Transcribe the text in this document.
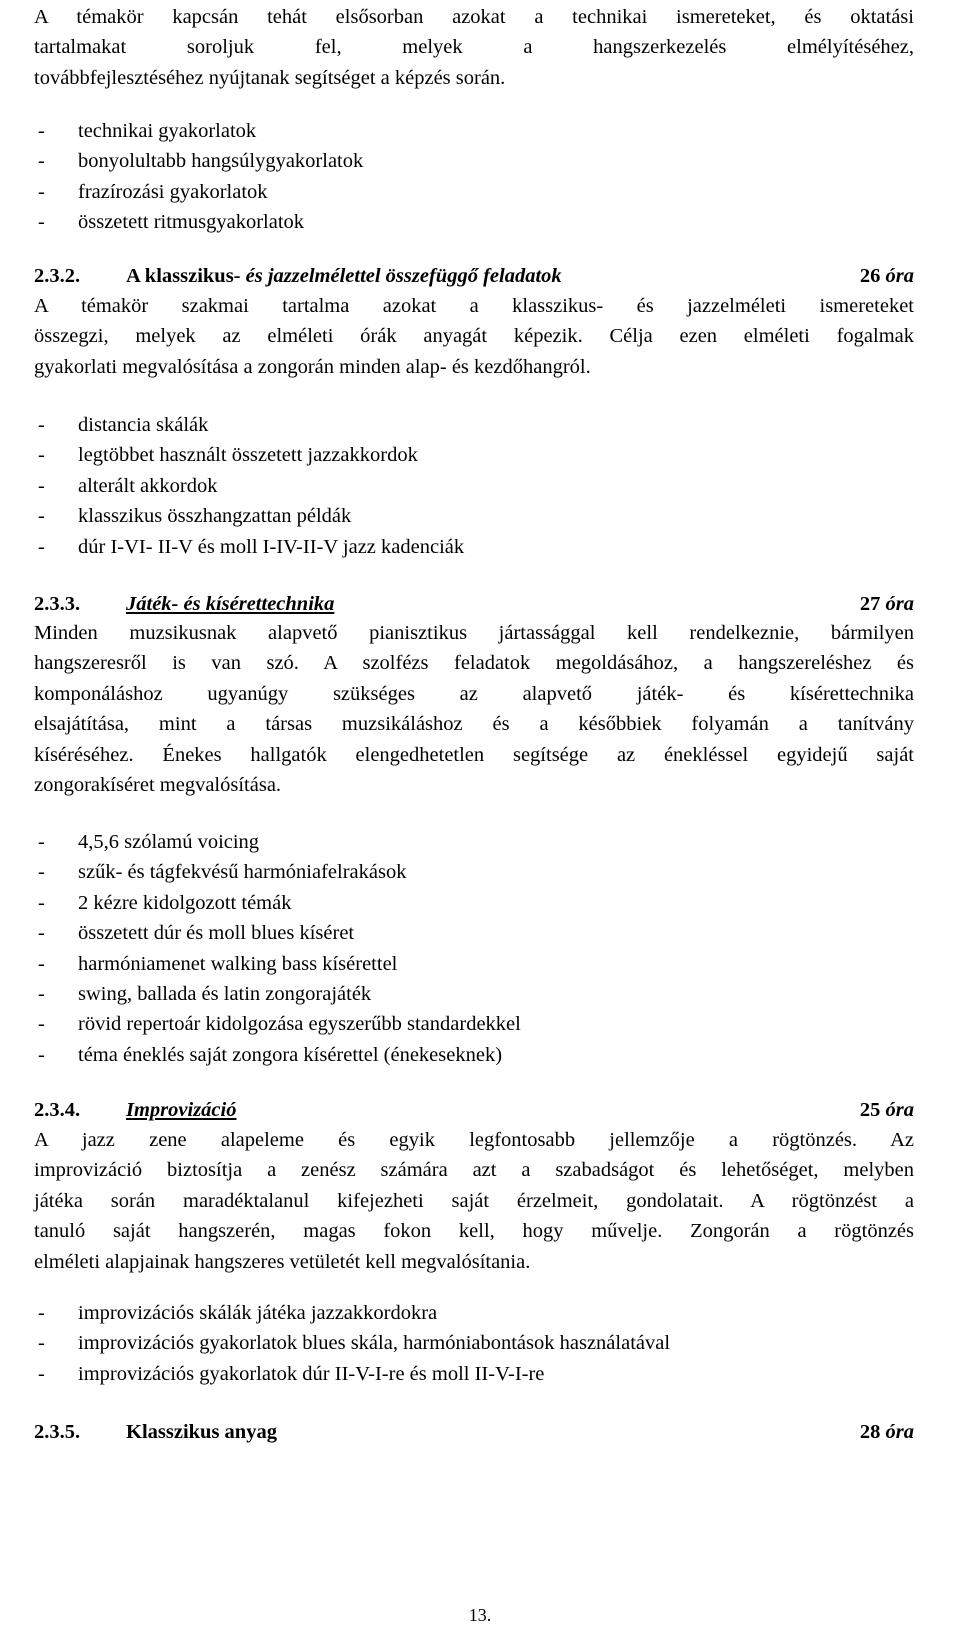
A témakör kapcsán tehát elsősorban azokat a technikai ismereteket, és oktatási
tartalmakat soroljuk fel, melyek a hangszerkezelés elmélyítéséhez,
továbbfejlesztéséhez nyújtanak segítséget a képzés során.
- technikai gyakorlatok
- bonyolultabb hangsúlygyakorlatok
- frazírozási gyakorlatok
- összetett ritmusgyakorlatok
2.3.2. A klasszikus- és jazzelmélettel összefüggő feladatok	26 óra
A témakör szakmai tartalma azokat a klasszikus- és jazzelméleti ismereteket
összegzi, melyek az elméleti órák anyagát képezik. Célja ezen elméleti fogalmak
gyakorlati megvalósítása a zongorán minden alap- és kezdőhangról.
- distancia skálák
- legtöbbet használt összetett jazzakkordok
- alterált akkordok
- klasszikus összhangzattan példák
- dúr I-VI- II-V és moll I-IV-II-V jazz kadenciák
2.3.3. Játék- és kísérettechnika	27 óra
Minden muzsikusnak alapvető pianisztikus jártassággal kell rendelkeznie, bármilyen
hangszeresről is van szó. A szolfézs feladatok megoldásához, a hangszereléshez és
komponáláshoz ugyanúgy szükséges az alapvető játék- és kísérettechnika
elsajátítása, mint a társas muzsikáláshoz és a későbbiek folyamán a tanítvány
kíséréséhez. Énekes hallgatók elengedhetetlen segítsége az énekléssel egyidejű saját
zongorakíséret megvalósítása.
- 4,5,6 szólamú voicing
- szűk- és tágfekvésű harmóniafelrakások
- 2 kézre kidolgozott témák
- összetett dúr és moll blues kíséret
- harmóniamenet walking bass kísérettel
- swing, ballada és latin zongorajáték
- rövid repertoár kidolgozása egyszerűbb standardekkel
- téma éneklés saját zongora kísérettel (énekeseknek)
2.3.4. Improvizáció	25 óra
A jazz zene alapeleme és egyik legfontosabb jellemzője a rögtönzés. Az
improvizáció biztosítja a zenész számára azt a szabadságot és lehetőséget, melyben
játéka során maradéktalanul kifejezheti saját érzelmeit, gondolatait. A rögtönzést a
tanuló saját hangszerén, magas fokon kell, hogy művelje. Zongorán a rögtönzés
elméleti alapjainak hangszeres vetületét kell megvalósítania.
- improvizációs skálák játéka jazzakkordokra
- improvizációs gyakorlatok blues skála, harmóniabontások használatával
- improvizációs gyakorlatok dúr II-V-I-re és moll II-V-I-re
2.3.5. Klasszikus anyag	28 óra
13.
